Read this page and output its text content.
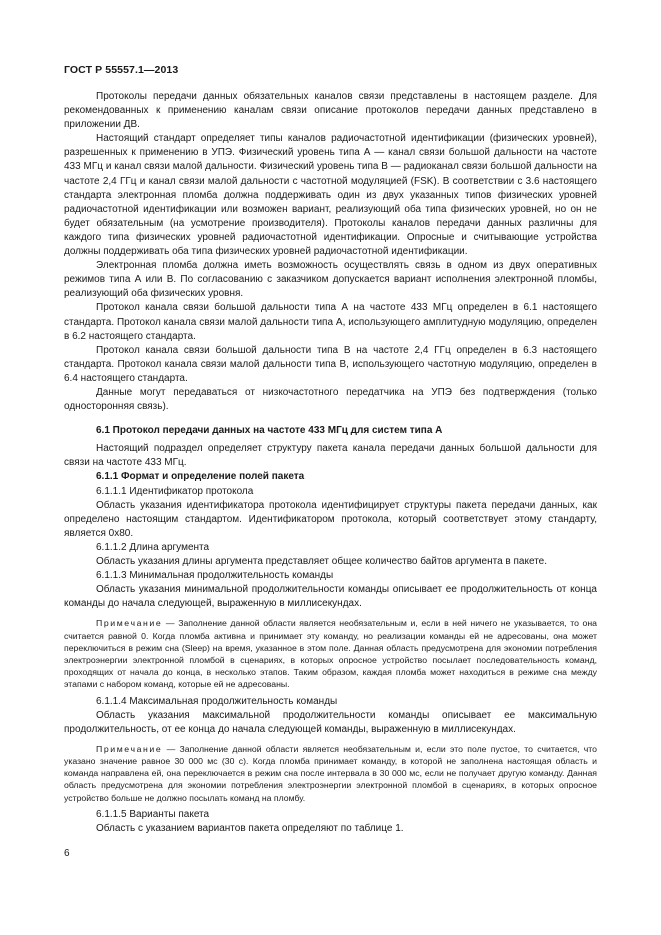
ГОСТ Р 55557.1—2013

Протоколы передачи данных обязательных каналов связи представлены в настоящем разделе. Для рекомендованных к применению каналам связи описание протоколов передачи данных представлено в приложении ДВ.

Настоящий стандарт определяет типы каналов радиочастотной идентификации (физических уровней), разрешенных к применению в УПЭ. Физический уровень типа А — канал связи большой дальности на частоте 433 МГц и канал связи малой дальности. Физический уровень типа В — радиоканал связи большой дальности на частоте 2,4 ГГц и канал связи малой дальности с частотной модуляцией (FSK). В соответствии с 3.6 настоящего стандарта электронная пломба должна поддерживать один из двух указанных типов физических уровней радиочастотной идентификации или возможен вариант, реализующий оба типа физических уровней, но он не будет обязательным (на усмотрение производителя). Протоколы каналов передачи данных различны для каждого типа физических уровней радиочастотной идентификации. Опросные и считывающие устройства должны поддерживать оба типа физических уровней радиочастотной идентификации.

Электронная пломба должна иметь возможность осуществлять связь в одном из двух оперативных режимов типа А или В. По согласованию с заказчиком допускается вариант исполнения электронной пломбы, реализующий оба физических уровня.

Протокол канала связи большой дальности типа А на частоте 433 МГц определен в 6.1 настоящего стандарта. Протокол канала связи малой дальности типа А, использующего амплитудную модуляцию, определен в 6.2 настоящего стандарта.

Протокол канала связи большой дальности типа В на частоте 2,4 ГГц определен в 6.3 настоящего стандарта. Протокол канала связи малой дальности типа В, использующего частотную модуляцию, определен в 6.4 настоящего стандарта.

Данные могут передаваться от низкочастотного передатчика на УПЭ без подтверждения (только односторонняя связь).

6.1 Протокол передачи данных на частоте 433 МГц для систем типа А

Настоящий подраздел определяет структуру пакета канала передачи данных большой дальности для связи на частоте 433 МГц.

6.1.1 Формат и определение полей пакета

6.1.1.1 Идентификатор протокола

Область указания идентификатора протокола идентифицирует структуры пакета передачи данных, как определено настоящим стандартом. Идентификатором протокола, который соответствует этому стандарту, является 0х80.

6.1.1.2 Длина аргумента

Область указания длины аргумента представляет общее количество байтов аргумента в пакете.

6.1.1.3 Минимальная продолжительность команды

Область указания минимальной продолжительности команды описывает ее продолжительность от конца команды до начала следующей, выраженную в миллисекундах.

Примечание — Заполнение данной области является необязательным и, если в ней ничего не указывается, то она считается равной 0. Когда пломба активна и принимает эту команду, но реализации команды ей не адресованы, она может переключиться в режим сна (Sleep) на время, указанное в этом поле. Данная область предусмотрена для экономии потребления электроэнергии электронной пломбой в сценариях, в которых опросное устройство посылает последовательность команд, проходящих от начала до конца, в несколько этапов. Таким образом, каждая пломба может находиться в режиме сна между этапами с набором команд, которые ей не адресованы.

6.1.1.4 Максимальная продолжительность команды

Область указания максимальной продолжительности команды описывает ее максимальную продолжительность, от ее конца до начала следующей команды, выраженную в миллисекундах.

Примечание — Заполнение данной области является необязательным и, если это поле пустое, то считается, что указано значение равное 30 000 мс (30 с). Когда пломба принимает команду, в которой не заполнена настоящая область и команда направлена ей, она переключается в режим сна после интервала в 30 000 мс, если не получает другую команду. Данная область предусмотрена для экономии потребления электроэнергии электронной пломбой в сценариях, в которых опросное устройство больше не должно посылать команд на пломбу.

6.1.1.5 Варианты пакета

Область с указанием вариантов пакета определяют по таблице 1.

6
